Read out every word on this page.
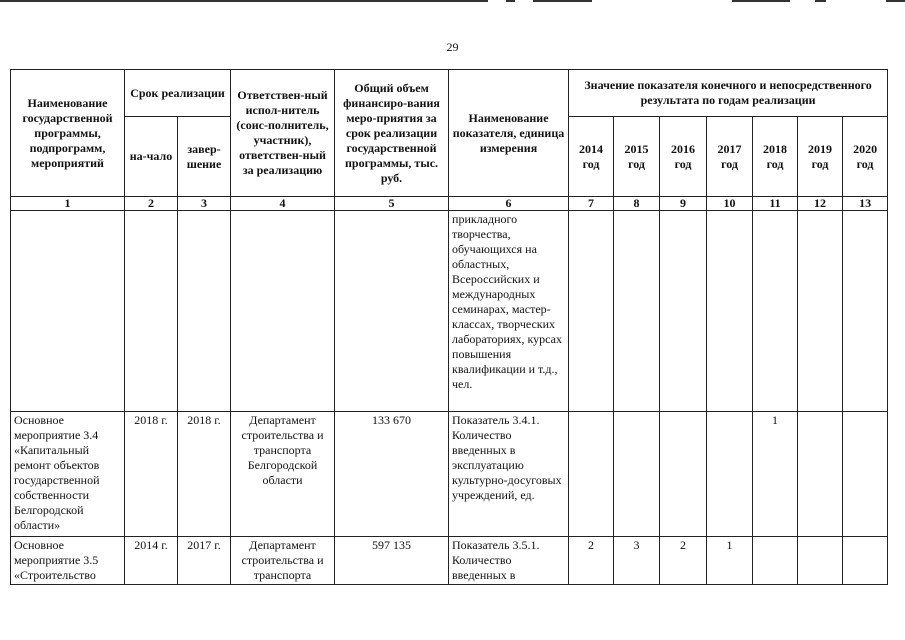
29
Наименование государственной программы, подпрограмм, мероприятий	Срок реализации		Ответствен-ный испол-нитель (соис-полнитель, участник), ответствен-ный за реализацию	Общий объем финансиро-вания меро-приятия за срок реализации государственной программы, тыс. руб.	Наименование показателя, единица измерения	Значение показателя конечного и непосредственного результата по годам реализации						
	на-чало	завер-шение				2014 год	2015 год	2016 год	2017 год	2018 год	2019 год	2020 год
1	2	3	4	5	6	7	8	9	10	11	12	13
					прикладного творчества, обучающихся на областных, Всероссийских и международных семинарах, мастер-классах, творческих лабораториях, курсах повышения квалификации и т.д., чел.							
Основное мероприятие 3.4 «Капитальный ремонт объектов государственной собственности Белгородской области»	2018 г.	2018 г.	Департамент строительства и транспорта Белгородской области	133 670	Показатель 3.4.1. Количество введенных в эксплуатацию культурно-досуговых учреждений, ед.					1		
Основное мероприятие 3.5 «Строительство	2014 г.	2017 г.	Департамент строительства и транспорта	597 135	Показатель 3.5.1. Количество введенных в	2	3	2	1			
